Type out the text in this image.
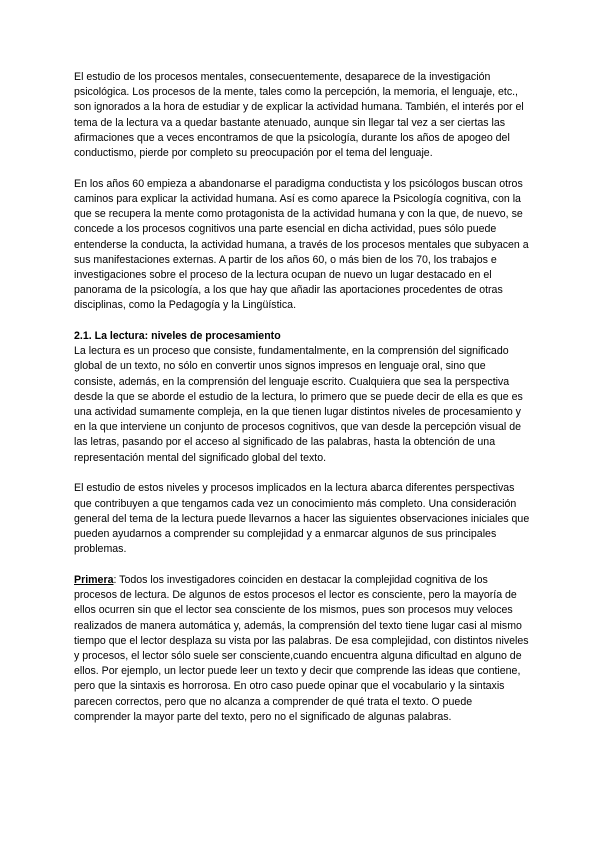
El estudio de los procesos mentales, consecuentemente, desaparece de la investigación psicológica. Los procesos de la mente, tales como la percepción, la memoria, el lenguaje, etc., son ignorados a la hora de estudiar y de explicar la actividad humana. También, el interés por el tema de la lectura va a quedar bastante atenuado, aunque sin llegar tal vez a ser ciertas las afirmaciones que a veces encontramos de que la psicología, durante los años de apogeo del conductismo, pierde por completo su preocupación por el tema del lenguaje.

En los años 60 empieza a abandonarse el paradigma conductista y los psicólogos buscan otros caminos para explicar la actividad humana. Así es como aparece la Psicología cognitiva, con la que se recupera la mente como protagonista de la actividad humana y con la que, de nuevo, se concede a los procesos cognitivos una parte esencial en dicha actividad, pues sólo puede entenderse la conducta, la actividad humana, a través de los procesos mentales que subyacen a sus manifestaciones externas. A partir de los años 60, o más bien de los 70, los trabajos e investigaciones sobre el proceso de la lectura ocupan de nuevo un lugar destacado en el panorama de la psicología, a los que hay que añadir las aportaciones procedentes de otras disciplinas, como la Pedagogía y la Lingüística.

2.1. La lectura: niveles de procesamiento

La lectura es un proceso que consiste, fundamentalmente, en la comprensión del significado global de un texto, no sólo en convertir unos signos impresos en lenguaje oral, sino que consiste, además, en la comprensión del lenguaje escrito. Cualquiera que sea la perspectiva desde la que se aborde el estudio de la lectura, lo primero que se puede decir de ella es que es una actividad sumamente compleja, en la que tienen lugar distintos niveles de procesamiento y en la que interviene un conjunto de procesos cognitivos, que van desde la percepción visual de las letras, pasando por el acceso al significado de las palabras, hasta la obtención de una representación mental del significado global del texto.

El estudio de estos niveles y procesos implicados en la lectura abarca diferentes perspectivas que contribuyen a que tengamos cada vez un conocimiento más completo. Una consideración general del tema de la lectura puede llevarnos a hacer las siguientes observaciones iniciales que pueden ayudarnos a comprender su complejidad y a enmarcar algunos de sus principales problemas.

Primera: Todos los investigadores coinciden en destacar la complejidad cognitiva de los procesos de lectura. De algunos de estos procesos el lector es consciente, pero la mayoría de ellos ocurren sin que el lector sea consciente de los mismos, pues son procesos muy veloces realizados de manera automática y, además, la comprensión del texto tiene lugar casi al mismo tiempo que el lector desplaza su vista por las palabras. De esa complejidad, con distintos niveles y procesos, el lector sólo suele ser consciente,cuando encuentra alguna dificultad en alguno de ellos. Por ejemplo, un lector puede leer un texto y decir que comprende las ideas que contiene, pero que la sintaxis es horrorosa. En otro caso puede opinar que el vocabulario y la sintaxis parecen correctos, pero que no alcanza a comprender de qué trata el texto. O puede comprender la mayor parte del texto, pero no el significado de algunas palabras.
